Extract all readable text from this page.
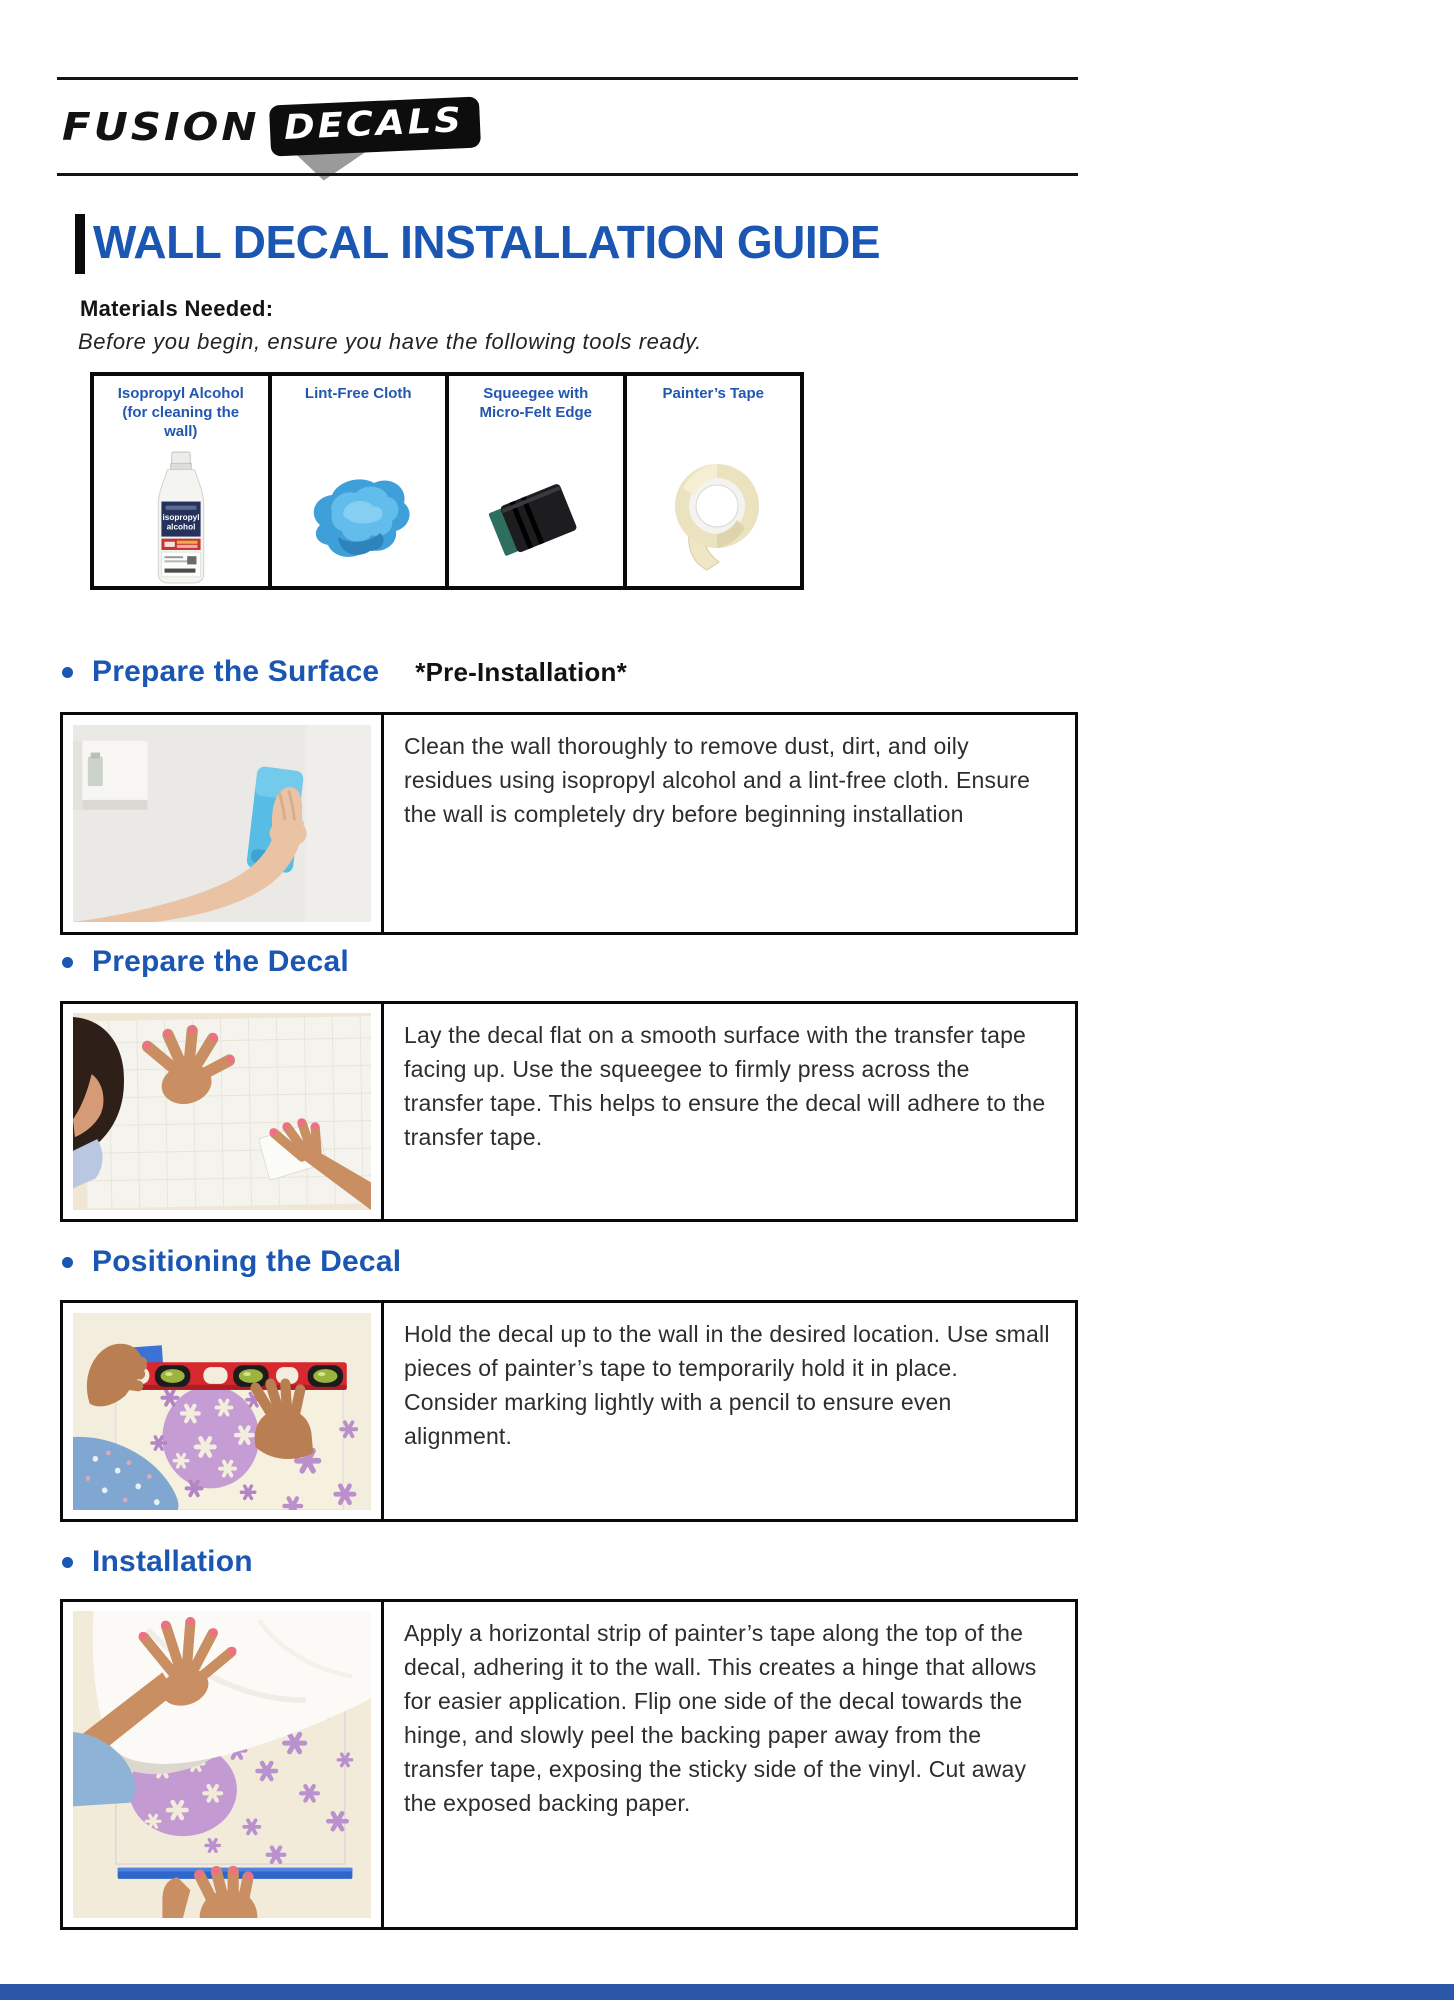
FUSION DECALS
WALL DECAL INSTALLATION GUIDE
Materials Needed:
Before you begin, ensure you have the following tools ready.
Isopropyl Alcohol (for cleaning the wall)
isopropyl
alcohol
Lint-Free Cloth	Squeegee with Micro-Felt Edge
Painter’s Tape
Prepare the Surface *Pre-Installation*
Clean the wall thoroughly to remove dust, dirt, and oily residues using isopropyl alcohol and a lint-free cloth. Ensure the wall is completely dry before beginning installation
Prepare the Decal
Lay the decal flat on a smooth surface with the transfer tape facing up. Use the squeegee to firmly press across the transfer tape. This helps to ensure the decal will adhere to the transfer tape.
Positioning the Decal
Hold the decal up to the wall in the desired location. Use small pieces of painter’s tape to temporarily hold it in place. Consider marking lightly with a pencil to ensure even alignment.
Installation
Apply a horizontal strip of painter’s tape along the top of the decal, adhering it to the wall. This creates a hinge that allows for easier application. Flip one side of the decal towards the hinge, and slowly peel the backing paper away from the transfer tape, exposing the sticky side of the vinyl. Cut away the exposed backing paper.
